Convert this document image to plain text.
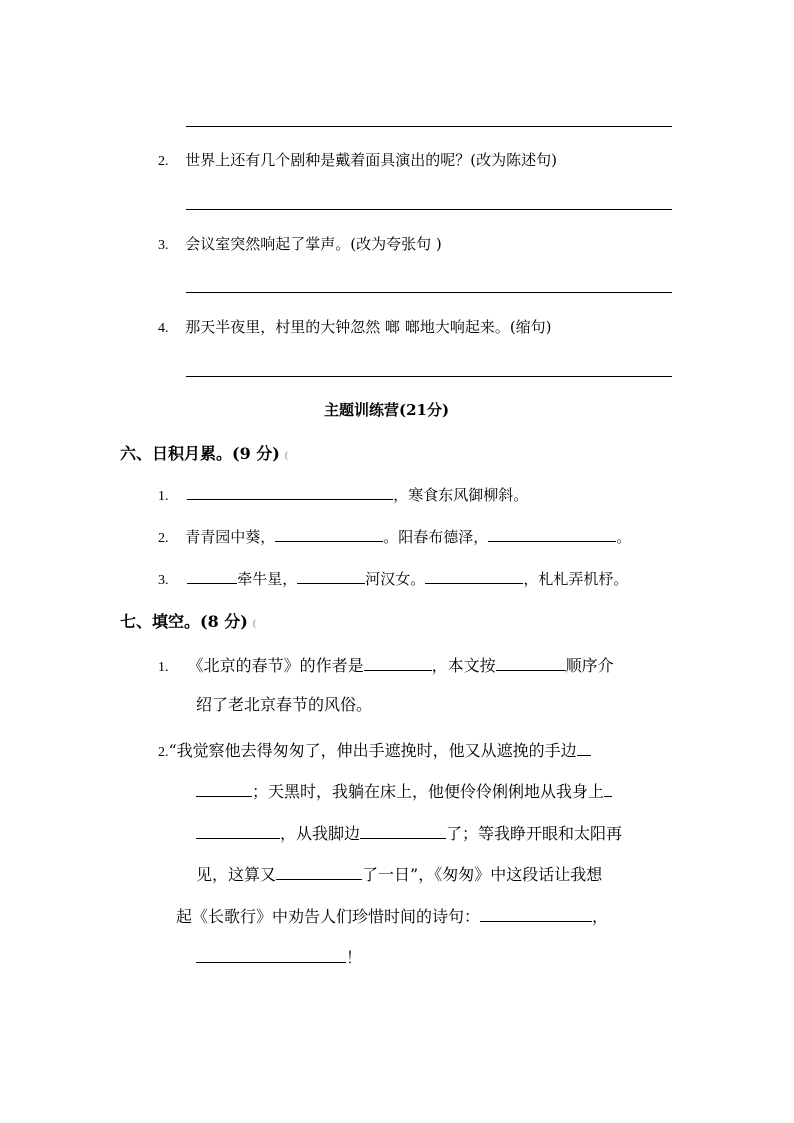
2. 世界上还有几个剧种是戴着面具演出的呢？(改为陈述句)
3. 会议室突然响起了掌声。(改为夸张句 )
4. 那天半夜里，村里的大钟忽然 啷 啷地大响起来。(缩句)
主题训练营(21分)
六、日积月累。(9 分) (
1.	，寒食东风御柳斜。
2. 青青园中葵，	。阳春布德泽，	。
3.	牵牛星，	河汉女。	，札札弄机杼。
七、填空。(8 分) (
1. 《北京的春节》的作者是	，本文按	顺序介
绍了老北京春节的风俗。
2.“我觉察他去得匆匆了，伸出手遮挽时，他又从遮挽的手边
；天黑时，我躺在床上，他便伶伶俐俐地从我身上
，从我脚边	了；等我睁开眼和太阳再
见，这算又	了一日”，《匆匆》中这段话让我想
起《长歌行》中劝告人们珍惜时间的诗句：	，
！
